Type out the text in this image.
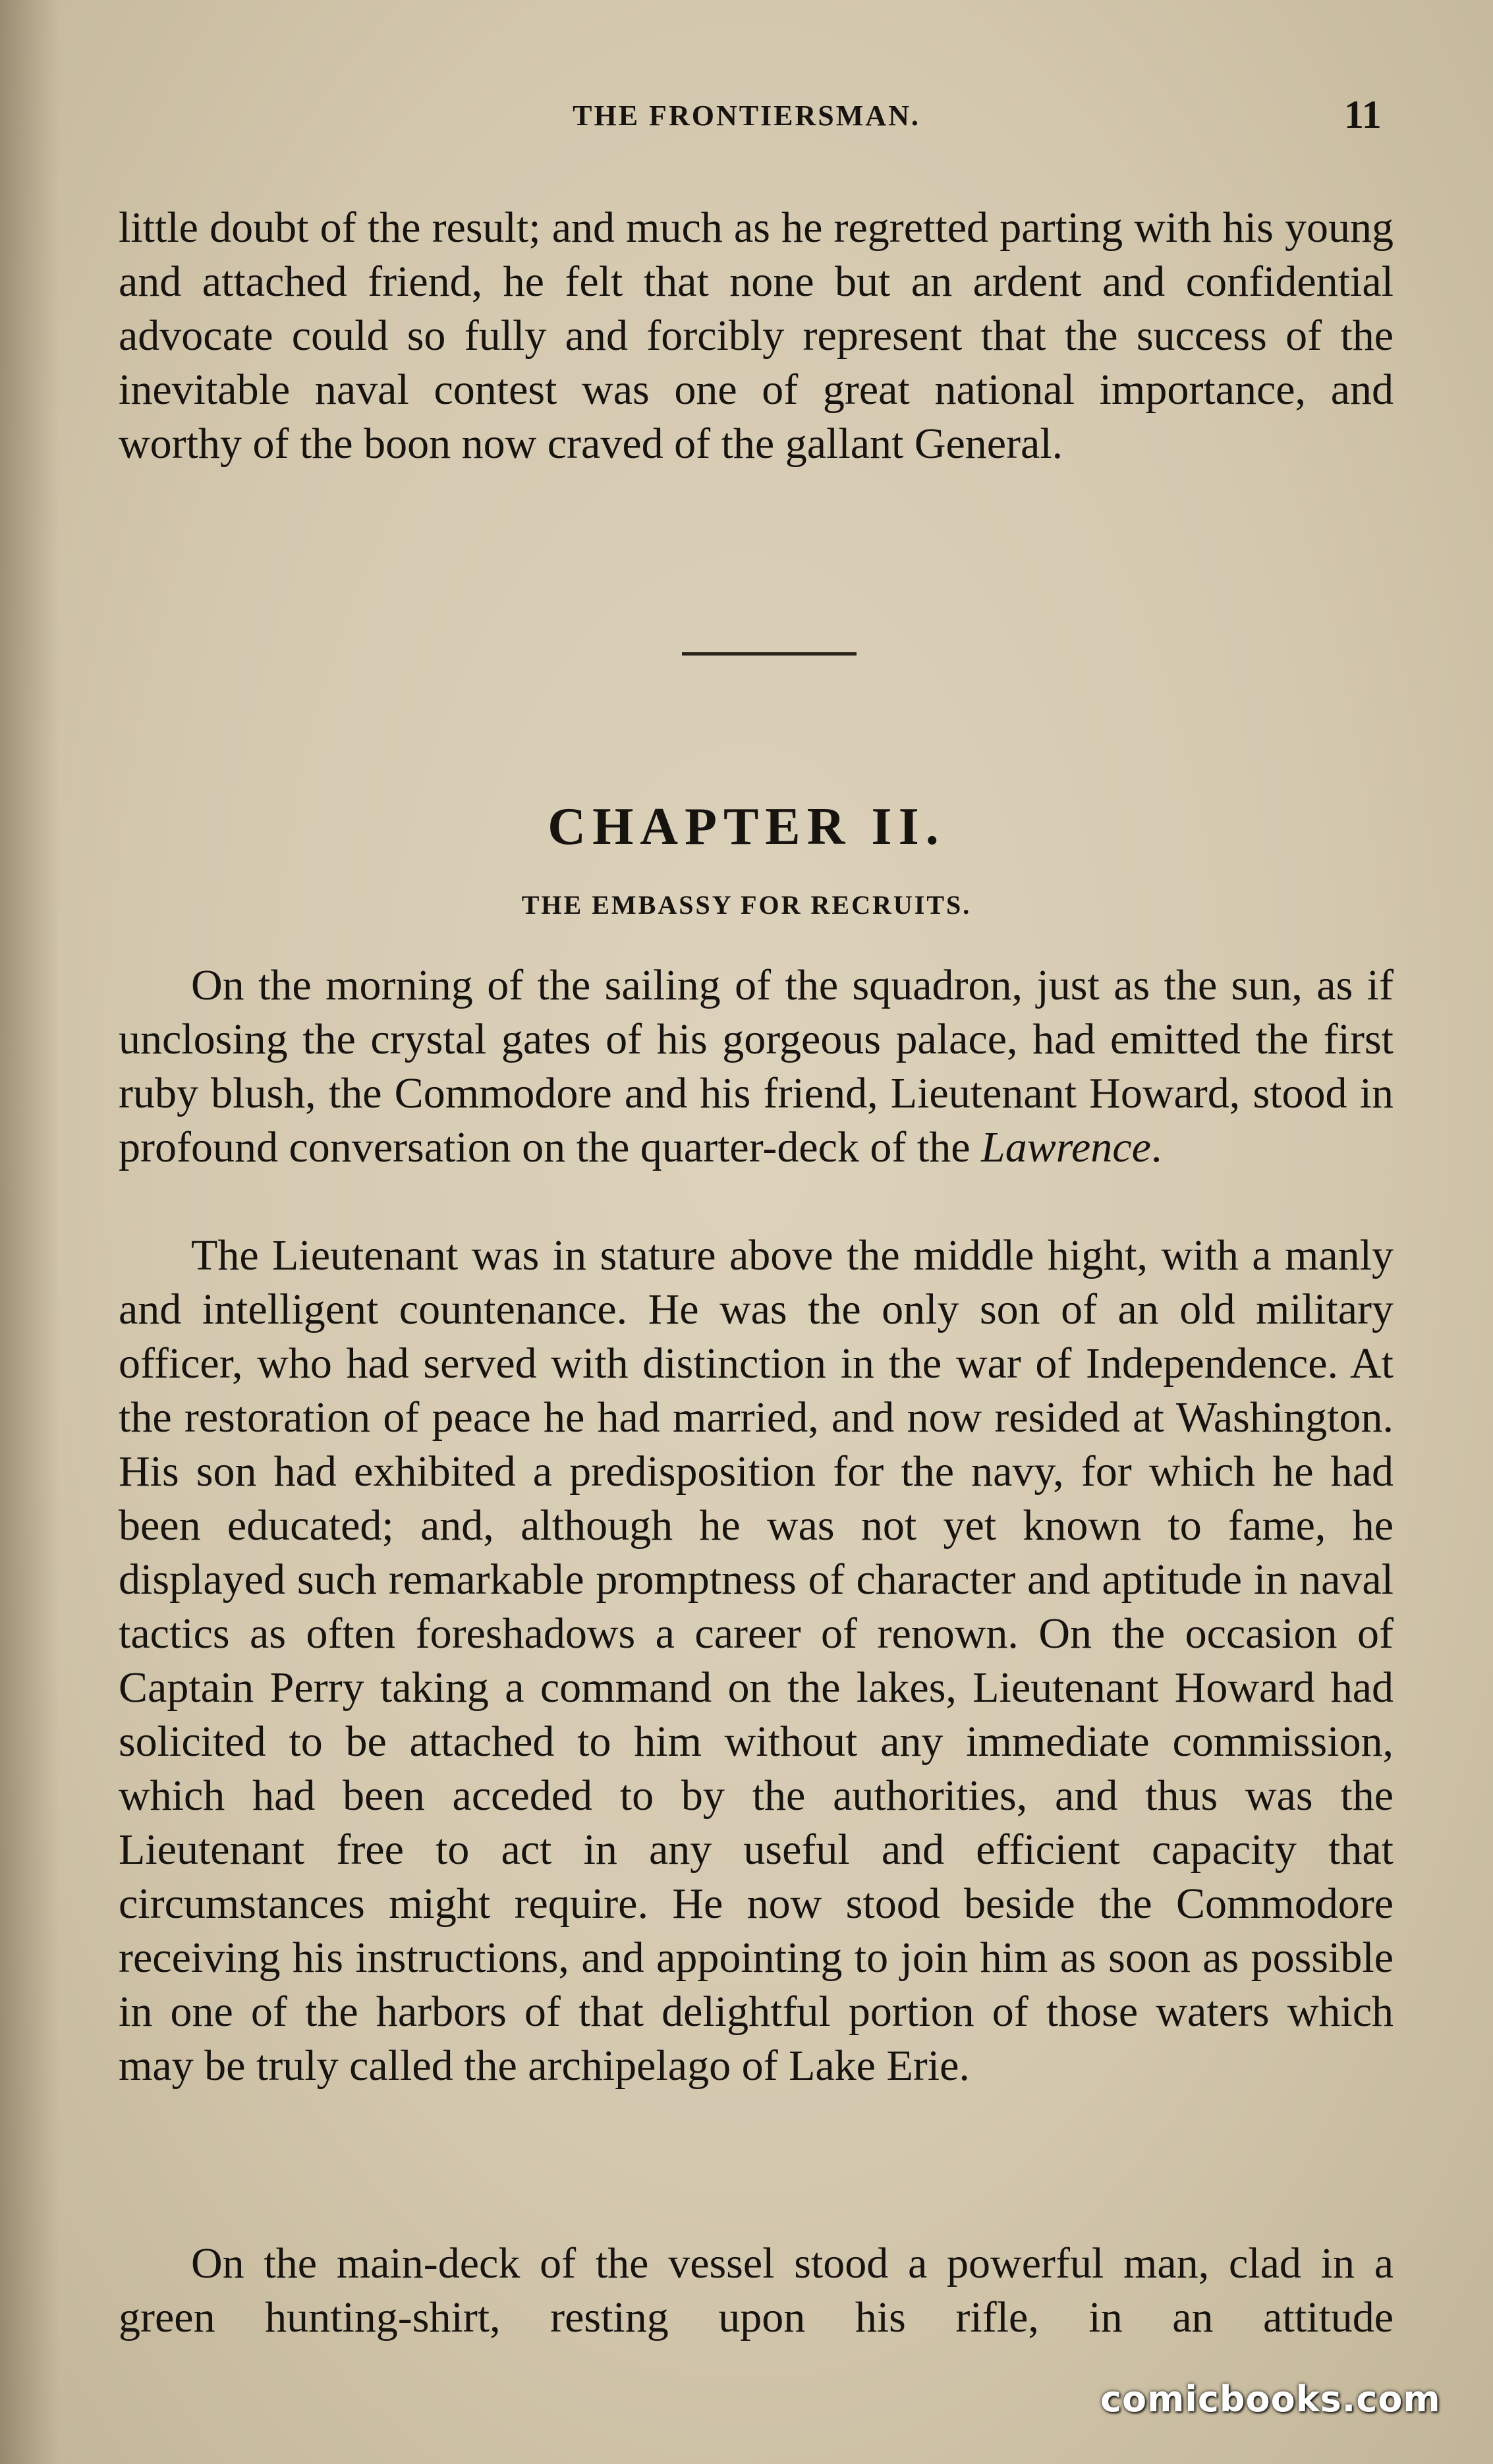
THE FRONTIERSMAN.	11

little doubt of the result; and much as he regretted parting with his young and attached friend, he felt that none but an ardent and confidential advocate could so fully and forcibly represent that the success of the inevitable naval contest was one of great national importance, and worthy of the boon now craved of the gallant General.

CHAPTER II.
THE EMBASSY FOR RECRUITS.

On the morning of the sailing of the squadron, just as the sun, as if unclosing the crystal gates of his gorgeous palace, had emitted the first ruby blush, the Commodore and his friend, Lieutenant Howard, stood in profound conversation on the quarter-deck of the Lawrence.

The Lieutenant was in stature above the middle hight, with a manly and intelligent countenance. He was the only son of an old military officer, who had served with distinction in the war of Independence. At the restoration of peace he had married, and now resided at Washington. His son had exhibited a predisposition for the navy, for which he had been educated; and, although he was not yet known to fame, he displayed such remarkable promptness of character and aptitude in naval tactics as often foreshadows a career of renown. On the occasion of Captain Perry taking a command on the lakes, Lieutenant Howard had solicited to be attached to him without any immediate commission, which had been acceded to by the authorities, and thus was the Lieutenant free to act in any useful and efficient capacity that circumstances might require. He now stood beside the Commodore receiving his instructions, and appointing to join him as soon as possible in one of the harbors of that delightful portion of those waters which may be truly called the archipelago of Lake Erie.

On the main-deck of the vessel stood a powerful man, clad in a green hunting-shirt, resting upon his rifle, in an attitude

comicbooks.com
